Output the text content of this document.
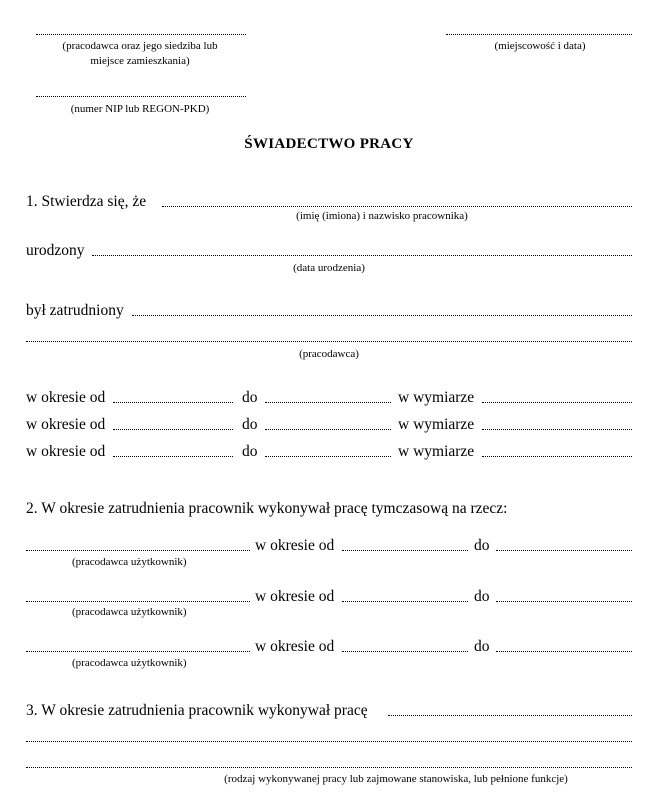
(pracodawca oraz jego siedziba lub
miejsce zamieszkania)
(miejscowość i data)
(numer NIP lub REGON-PKD)
ŚWIADECTWO PRACY
1. Stwierdza się, że
(imię (imiona) i nazwisko pracownika)
urodzony
(data urodzenia)
był zatrudniony
(pracodawca)
w okresie od	do	w wymiarze
w okresie od	do	w wymiarze
w okresie od	do	w wymiarze
2. W okresie zatrudnienia pracownik wykonywał pracę tymczasową na rzecz:
w okresie od	do
(pracodawca użytkownik)
w okresie od	do
(pracodawca użytkownik)
w okresie od	do
(pracodawca użytkownik)
3. W okresie zatrudnienia pracownik wykonywał pracę
(rodzaj wykonywanej pracy lub zajmowane stanowiska, lub pełnione funkcje)
